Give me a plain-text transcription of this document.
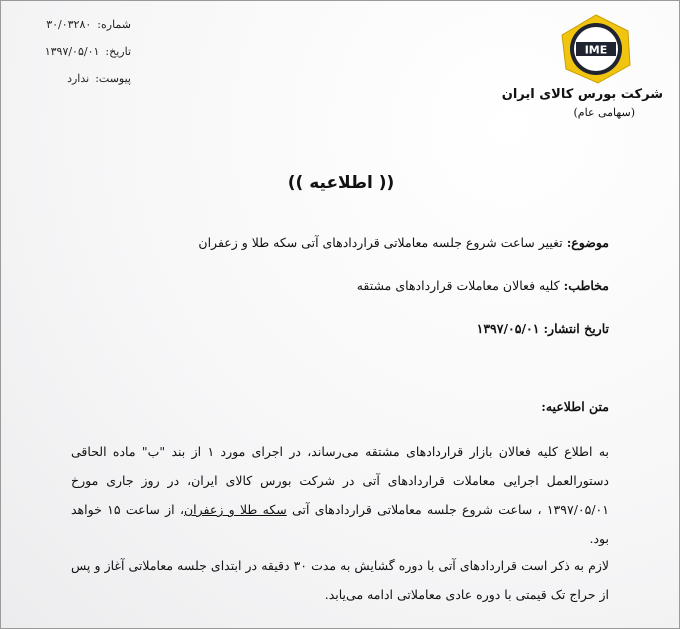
شماره:
۳۰/۰۳۲۸۰
تاریخ:
۱۳۹۷/۰۵/۰۱
پیوست:
ندارد
IME
شرکت بورس کالای ایران
(سهامی عام)
(( اطلاعیه ))
موضوع: تغییر ساعت شروع جلسه معاملاتی قراردادهای آتی سکه طلا و زعفران
مخاطب: کلیه فعالان معاملات قراردادهای مشتقه
تاریخ انتشار: ۱۳۹۷/۰۵/۰۱
متن اطلاعیه:
به اطلاع کلیه فعالان بازار قراردادهای مشتقه می‌رساند، در اجرای مورد ۱ از بند "ب" ماده الحاقی دستورالعمل اجرایی معاملات قراردادهای آتی در شرکت بورس کالای ایران، در روز جاری مورخ ۱۳۹۷/۰۵/۰۱ ، ساعت شروع جلسه معاملاتی قراردادهای آتی سکه طلا و زعفران، از ساعت ۱۵ خواهد بود.
لازم به ذکر است قراردادهای آتی با دوره گشایش به مدت ۳۰ دقیقه در ابتدای جلسه معاملاتی آغاز و پس از حراج تک قیمتی با دوره عادی معاملاتی ادامه می‌یابد.
